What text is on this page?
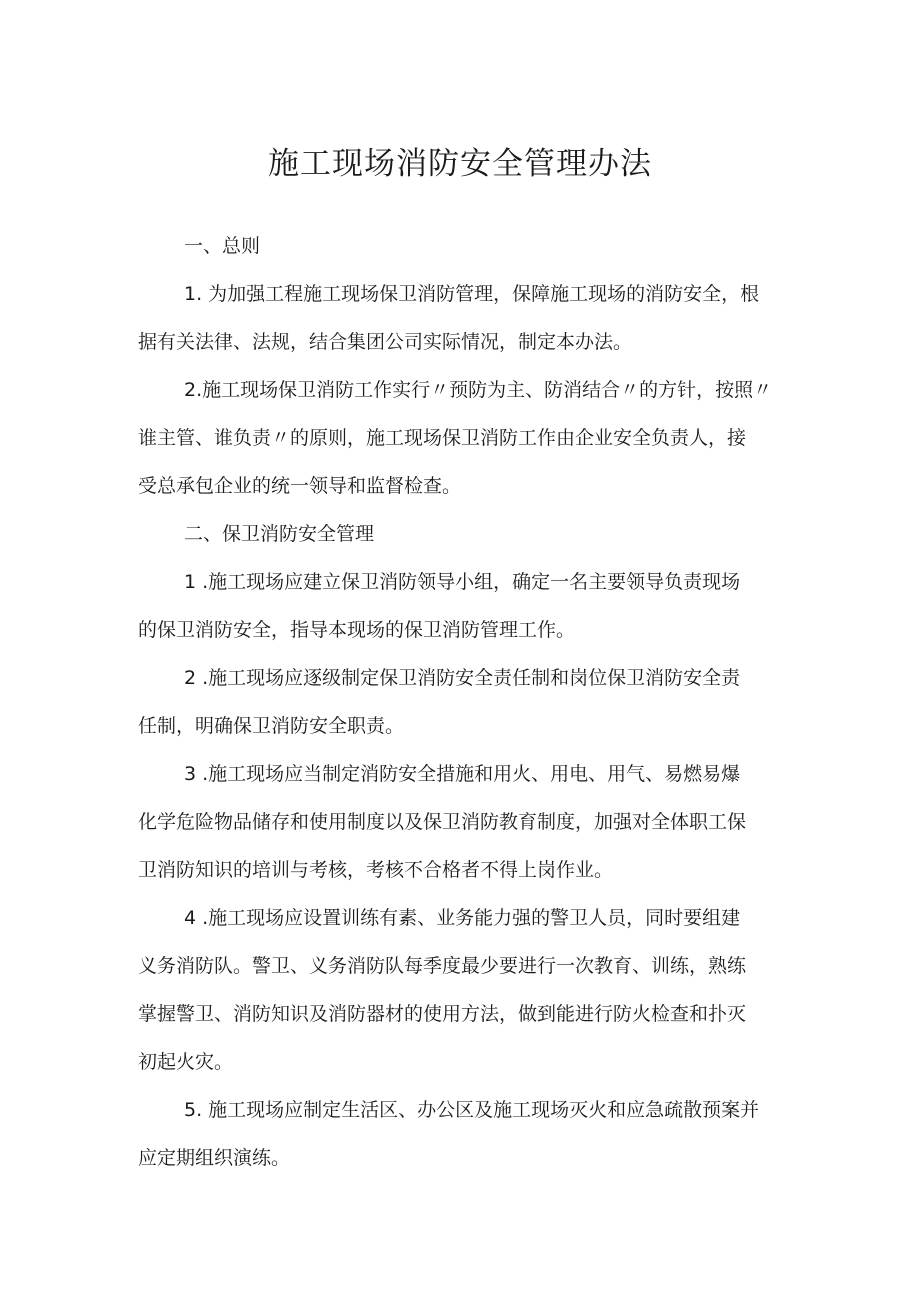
施工现场消防安全管理办法
一、总则
1. 为加强工程施工现场保卫消防管理，保障施工现场的消防安全，根
据有关法律、法规，结合集团公司实际情况，制定本办法。
2.施工现场保卫消防工作实行〃预防为主、防消结合〃的方针，按照〃
谁主管、谁负责〃的原则，施工现场保卫消防工作由企业安全负责人，接
受总承包企业的统一领导和监督检查。
二、保卫消防安全管理
1 .施工现场应建立保卫消防领导小组，确定一名主要领导负责现场
的保卫消防安全，指导本现场的保卫消防管理工作。
2 .施工现场应逐级制定保卫消防安全责任制和岗位保卫消防安全责
任制，明确保卫消防安全职责。
3 .施工现场应当制定消防安全措施和用火、用电、用气、易燃易爆
化学危险物品储存和使用制度以及保卫消防教育制度，加强对全体职工保
卫消防知识的培训与考核，考核不合格者不得上岗作业。
4 .施工现场应设置训练有素、业务能力强的警卫人员，同时要组建
义务消防队。警卫、义务消防队每季度最少要进行一次教育、训练，熟练
掌握警卫、消防知识及消防器材的使用方法，做到能进行防火检查和扑灭
初起火灾。
5. 施工现场应制定生活区、办公区及施工现场灭火和应急疏散预案并
应定期组织演练。
